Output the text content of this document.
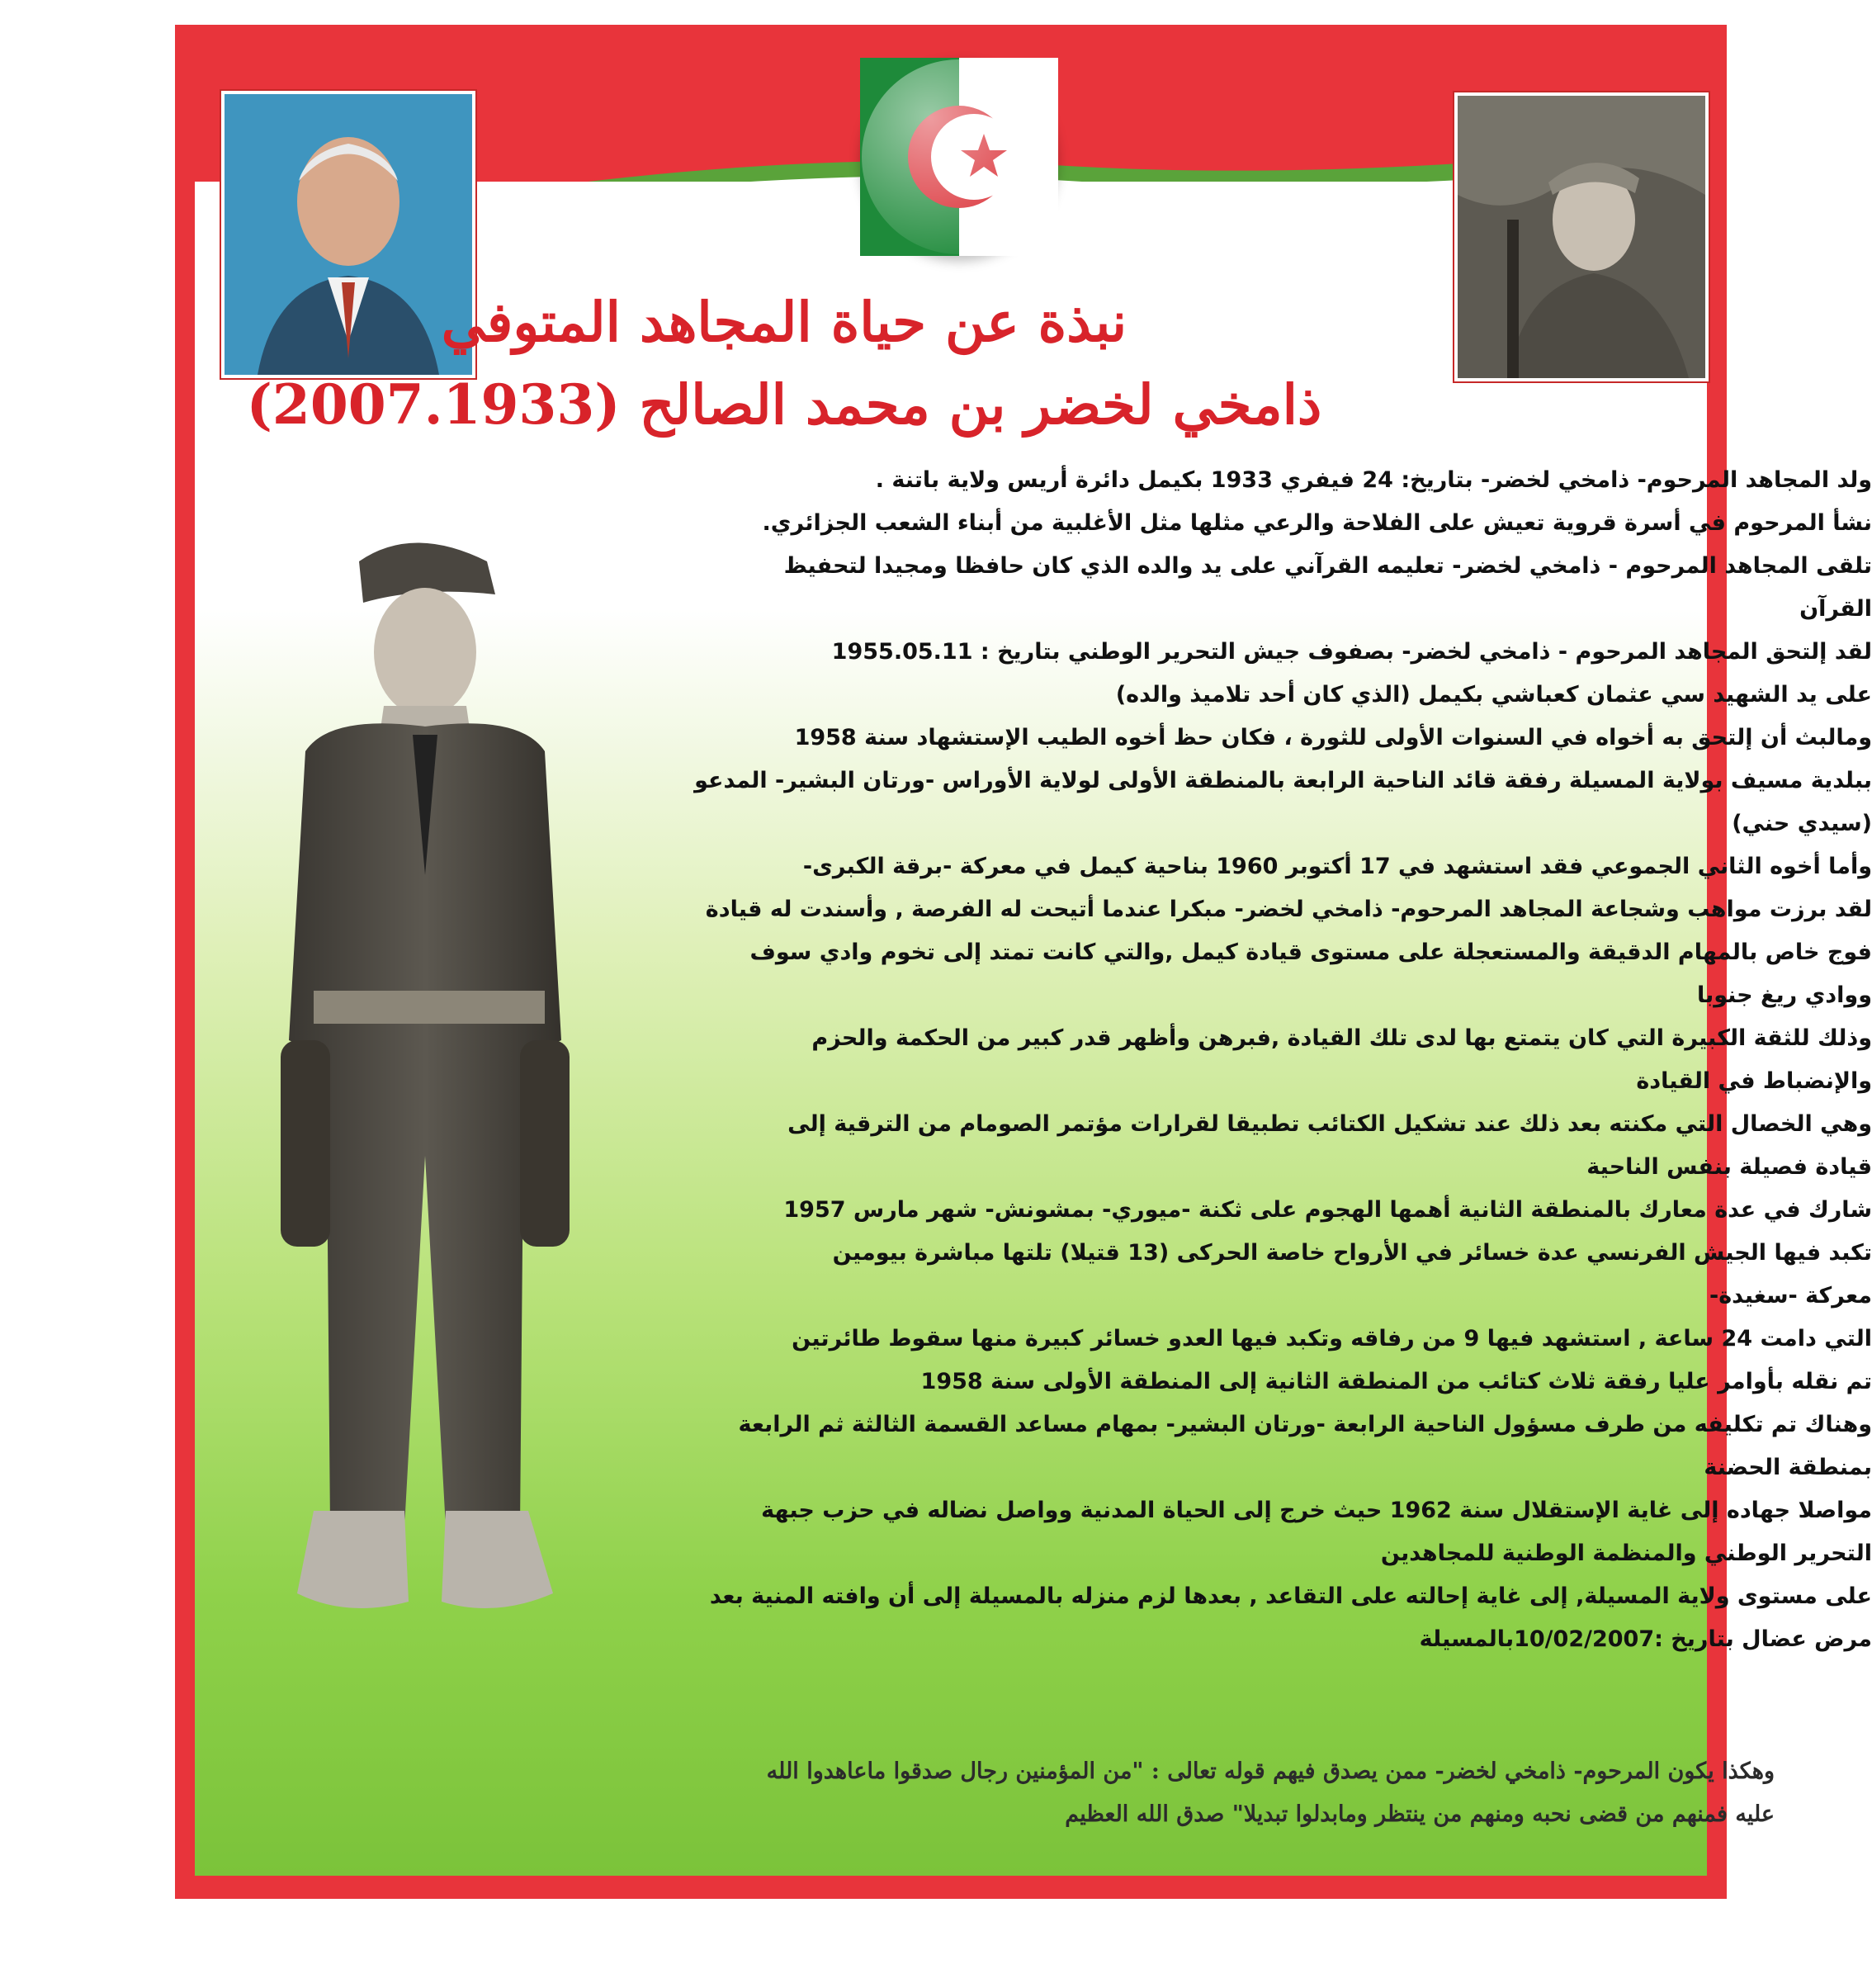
نبذة عن حياة المجاهد المتوفي
ذامخي لخضر بن محمد الصالح (2007.1933)

ولد المجاهد المرحوم- ذامخي لخضر- بتاريخ: 24 فيفري 1933 بكيمل دائرة أريس ولاية باتنة .

نشأ المرحوم في أسرة قروية تعيش على الفلاحة والرعي مثلها مثل الأغلبية من أبناء الشعب الجزائري.

تلقى المجاهد المرحوم - ذامخي لخضر- تعليمه القرآني على يد والده الذي كان حافظا ومجيدا لتحفيظ

القرآن

لقد إلتحق المجاهد المرحوم - ذامخي لخضر- بصفوف جيش التحرير الوطني بتاريخ : 1955.05.11

على يد الشهيد سي عثمان كعباشي بكيمل (الذي كان أحد تلاميذ والده)

ومالبث أن إلتحق به أخواه في السنوات الأولى للثورة ، فكان حظ أخوه الطيب الإستشهاد سنة 1958

ببلدية مسيف بولاية المسيلة رفقة قائد الناحية الرابعة بالمنطقة الأولى لولاية الأوراس -ورتان البشير- المدعو

(سيدي حني)

وأما أخوه الثاني الجموعي فقد استشهد في 17 أكتوبر 1960 بناحية كيمل في معركة -برقة الكبرى-

لقد برزت مواهب وشجاعة المجاهد المرحوم- ذامخي لخضر- مبكرا عندما أتيحت له الفرصة , وأسندت له قيادة

فوج خاص بالمهام الدقيقة والمستعجلة على مستوى قيادة كيمل ,والتي كانت تمتد إلى تخوم وادي سوف

ووادي ريغ جنوبا

وذلك للثقة الكبيرة التي كان يتمتع بها لدى تلك القيادة ,فبرهن وأظهر قدر كبير من الحكمة والحزم

والإنضباط في القيادة

وهي الخصال التي مكنته بعد ذلك عند تشكيل الكتائب تطبيقا لقرارات مؤتمر الصومام من الترقية إلى

قيادة فصيلة بنفس الناحية

شارك في عدة معارك بالمنطقة الثانية أهمها الهجوم على ثكنة -ميوري- بمشونش- شهر مارس 1957

تكبد فيها الجيش الفرنسي عدة خسائر في الأرواح خاصة الحركى (13 قتيلا) تلتها مباشرة بيومين

معركة -سغيدة-

التي دامت 24 ساعة , استشهد فيها 9 من رفاقه وتكبد فيها العدو خسائر كبيرة منها سقوط طائرتين

تم نقله بأوامر عليا رفقة ثلاث كتائب من المنطقة الثانية إلى المنطقة الأولى سنة 1958

وهناك تم تكليفه من طرف مسؤول الناحية الرابعة -ورتان البشير- بمهام مساعد القسمة الثالثة ثم الرابعة

بمنطقة الحضنة

مواصلا جهاده إلى غاية الإستقلال سنة 1962 حيث خرج إلى الحياة المدنية وواصل نضاله في حزب جبهة

التحرير الوطني والمنظمة الوطنية للمجاهدين

على مستوى ولاية المسيلة, إلى غاية إحالته على التقاعد , بعدها لزم منزله بالمسيلة إلى أن وافته المنية بعد

مرض عضال بتاريخ :10/02/2007بالمسيلة

وهكذا يكون المرحوم- ذامخي لخضر- ممن يصدق فيهم قوله تعالى : "من المؤمنين رجال صدقوا ماعاهدوا الله

عليه فمنهم من قضى نحبه ومنهم من ينتظر ومابدلوا تبديلا" صدق الله العظيم
